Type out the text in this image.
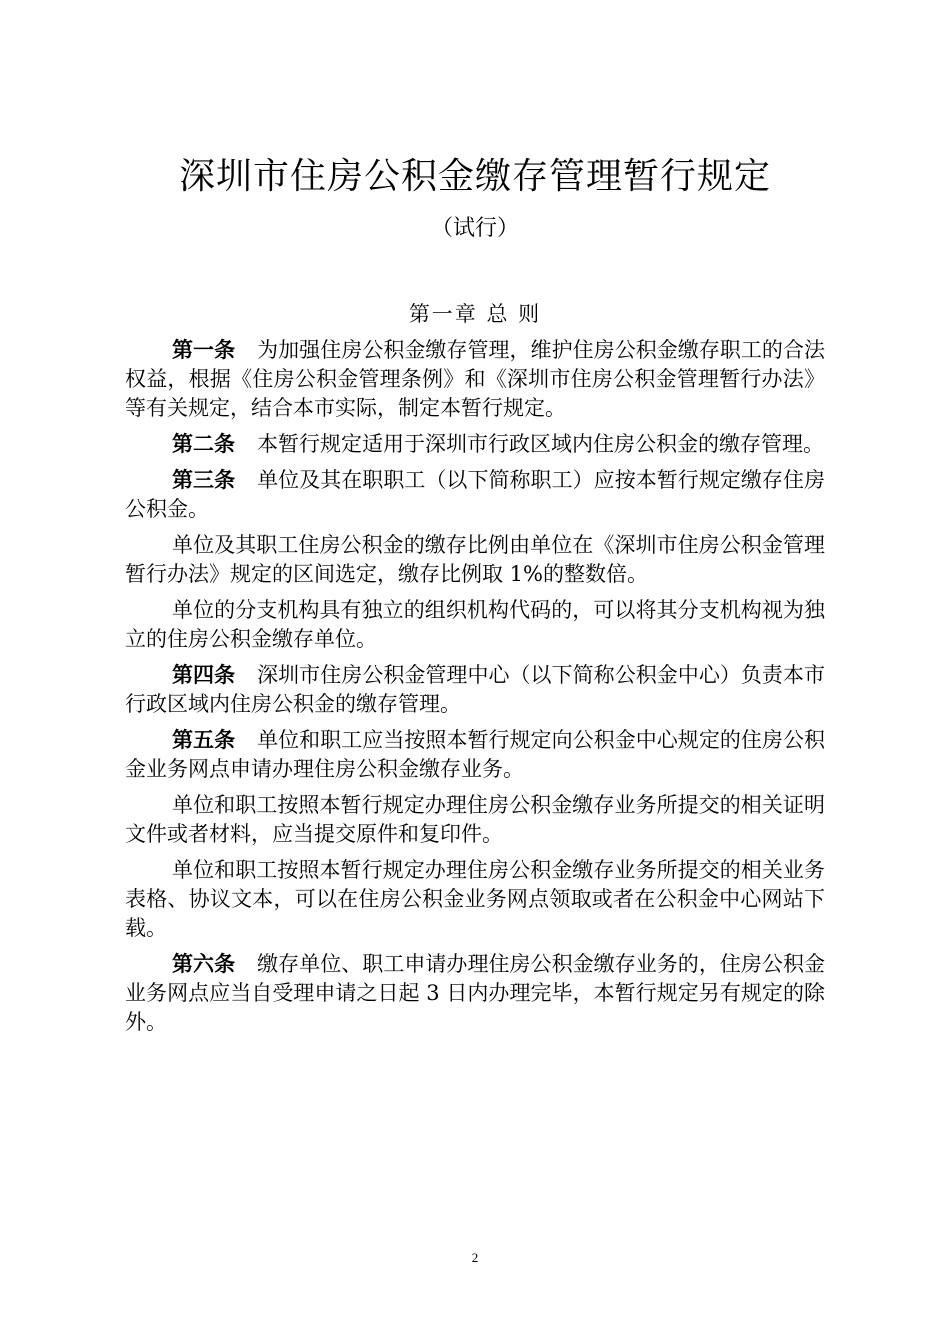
深圳市住房公积金缴存管理暂行规定
（试行）
第一章 总 则

第一条 为加强住房公积金缴存管理，维护住房公积金缴存职工的合法权益，根据《住房公积金管理条例》和《深圳市住房公积金管理暂行办法》等有关规定，结合本市实际，制定本暂行规定。

第二条 本暂行规定适用于深圳市行政区域内住房公积金的缴存管理。

第三条 单位及其在职职工（以下简称职工）应按本暂行规定缴存住房公积金。

单位及其职工住房公积金的缴存比例由单位在《深圳市住房公积金管理暂行办法》规定的区间选定，缴存比例取 1%的整数倍。

单位的分支机构具有独立的组织机构代码的，可以将其分支机构视为独立的住房公积金缴存单位。

第四条 深圳市住房公积金管理中心（以下简称公积金中心）负责本市行政区域内住房公积金的缴存管理。

第五条 单位和职工应当按照本暂行规定向公积金中心规定的住房公积金业务网点申请办理住房公积金缴存业务。

单位和职工按照本暂行规定办理住房公积金缴存业务所提交的相关证明文件或者材料，应当提交原件和复印件。

单位和职工按照本暂行规定办理住房公积金缴存业务所提交的相关业务表格、协议文本，可以在住房公积金业务网点领取或者在公积金中心网站下载。

第六条 缴存单位、职工申请办理住房公积金缴存业务的，住房公积金业务网点应当自受理申请之日起 3 日内办理完毕，本暂行规定另有规定的除外。

2
